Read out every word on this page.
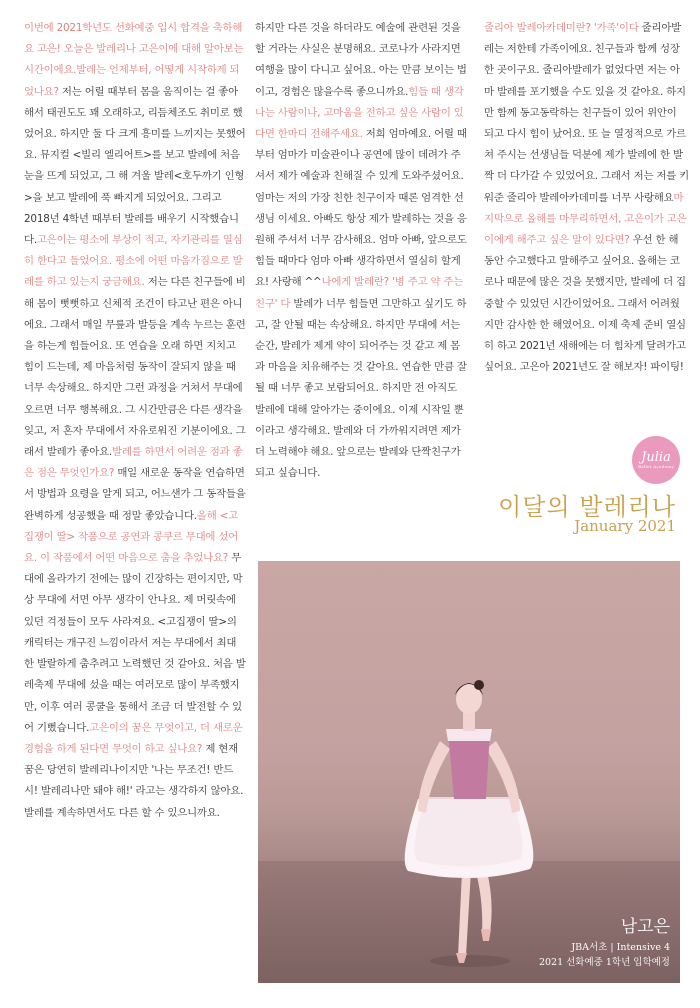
이번에 2021학년도 선화예중 입시 합격을 축하해요 고은! 오늘은 발레리나 고은이에 대해 알아보는 시간이에요.발레는 언제부터, 어떻게 시작하게 되었나요? 저는 어릴 때부터 몸을 움직이는 걸 좋아해서 태권도도 꽤 오래하고, 리듬체조도 취미로 했었어요. 하지만 둘 다 크게 흥미를 느끼지는 못했어요. 뮤지컬 <빌리 엘리어트>를 보고 발레에 처음 눈을 뜨게 되었고, 그 해 겨울 발레<호두까기 인형>을 보고 발레에 푹 빠지게 되었어요. 그리고 2018년 4학년 때부터 발레를 배우기 시작했습니다.고은이는 평소에 부상이 적고, 자기관리를 열심히 한다고 들었어요. 평소에 어떤 마음가짐으로 발레를 하고 있는지 궁금해요. 저는 다른 친구들에 비해 몸이 뻣뻣하고 신체적 조건이 타고난 편은 아니에요. 그래서 매일 무릎과 발등을 계속 누르는 훈련을 하는게 힘들어요. 또 연습을 오래 하면 지치고 힘이 드는데, 제 마음처럼 동작이 잘되지 않을 때 너무 속상해요. 하지만 그런 과정을 거쳐서 무대에 오르면 너무 행복해요. 그 시간만큼은 다른 생각을 잊고, 저 혼자 무대에서 자유로워진 기분이에요. 그래서 발레가 좋아요.발레를 하면서 어려운 점과 좋은 점은 무엇인가요? 매일 새로운 동작을 연습하면서 방법과 요령을 알게 되고, 어느샌가 그 동작들을 완벽하게 성공했을 때 정말 좋았습니다.올해 <고집쟁이 딸> 작품으로 공연과 콩쿠르 무대에 섰어요. 이 작품에서 어떤 마음으로 춤을 추었나요? 무대에 올라가기 전에는 많이 긴장하는 편이지만, 막상 무대에 서면 아무 생각이 안나요. 제 머릿속에 있던 걱정들이 모두 사라져요. <고집쟁이 딸>의 캐릭터는 개구진 느낌이라서 저는 무대에서 최대한 발랄하게 춤추려고 노력했던 것 같아요. 처음 발레축제 무대에 섰을 때는 여러모로 많이 부족했지만, 이후 여러 콩쿨을 통해서 조금 더 발전할 수 있어 기뻤습니다.고은이의 꿈은 무엇이고, 더 새로운 경험을 하게 된다면 무엇이 하고 싶나요? 제 현재 꿈은 당연히 발레리나이지만 '나는 무조건! 반드시! 발레리나만 돼야 해!' 라고는 생각하지 않아요. 발레를 계속하면서도 다른 할 수 있으니까요.

하지만 다른 것을 하더라도 예술에 관련된 것을 할 거라는 사실은 분명해요. 코로나가 사라지면 여행을 많이 다니고 싶어요. 아는 만큼 보이는 법이고, 경험은 많을수록 좋으니까요.힘들 때 생각나는 사람이나, 고마움을 전하고 싶은 사람이 있다면 한마디 전해주세요. 저희 엄마예요. 어릴 때부터 엄마가 미술관이나 공연에 많이 데려가 주셔서 제가 예술과 친해질 수 있게 도와주셨어요. 엄마는 저의 가장 친한 친구이자 때론 엄격한 선생님 이세요. 아빠도 항상 제가 발레하는 것을 응원해 주셔서 너무 감사해요. 엄마 아빠, 앞으로도 힘들 때마다 엄마 아빠 생각하면서 열심히 할게요! 사랑해 ^^나에게 발레란? '병 주고 약 주는 친구' 다 발레가 너무 힘들면 그만하고 싶기도 하고, 잘 안될 때는 속상해요. 하지만 무대에 서는 순간, 발레가 제게 약이 되어주는 것 같고 제 몸과 마음을 치유해주는 것 같아요. 연습한 만큼 잘 될 때 너무 좋고 보람되어요. 하지만 전 아직도 발레에 대해 알아가는 중이에요. 이제 시작일 뿐이라고 생각해요. 발레와 더 가까워지려면 제가 더 노력해야 해요. 앞으로는 발레와 단짝친구가 되고 싶습니다.

줄리아 발레아카데미란? '가족'이다 줄리아발레는 저한테 가족이에요. 친구들과 함께 성장한 곳이구요. 줄리아발레가 없었다면 저는 아마 발레를 포기했을 수도 있을 것 같아요. 하지만 함께 동고동락하는 친구들이 있어 위안이 되고 다시 힘이 났어요. 또 늘 열정적으로 가르쳐 주시는 선생님들 덕분에 제가 발레에 한 발짝 더 다가갈 수 있었어요. 그래서 저는 저를 키워준 줄리아 발레아카데미를 너무 사랑해요마지막으로 올해를 마무리하면서, 고은이가 고은이에게 해주고 싶은 말이 있다면? 우선 한 해 동안 수고했다고 말해주고 싶어요. 올해는 코로나 때문에 많은 것을 못했지만, 발레에 더 집중할 수 있었던 시간이었어요. 그래서 어려웠지만 감사한 한 해였어요. 이제 축제 준비 열심히 하고 2021년 새해에는 더 힘차게 달려가고 싶어요. 고은아 2021년도 잘 해보자! 파이팅!

Julia
Ballet Academy
이달의 발레리나
January 2021
남고은
JBA서초 | Intensive 4
2021 선화예중 1학년 입학예정
